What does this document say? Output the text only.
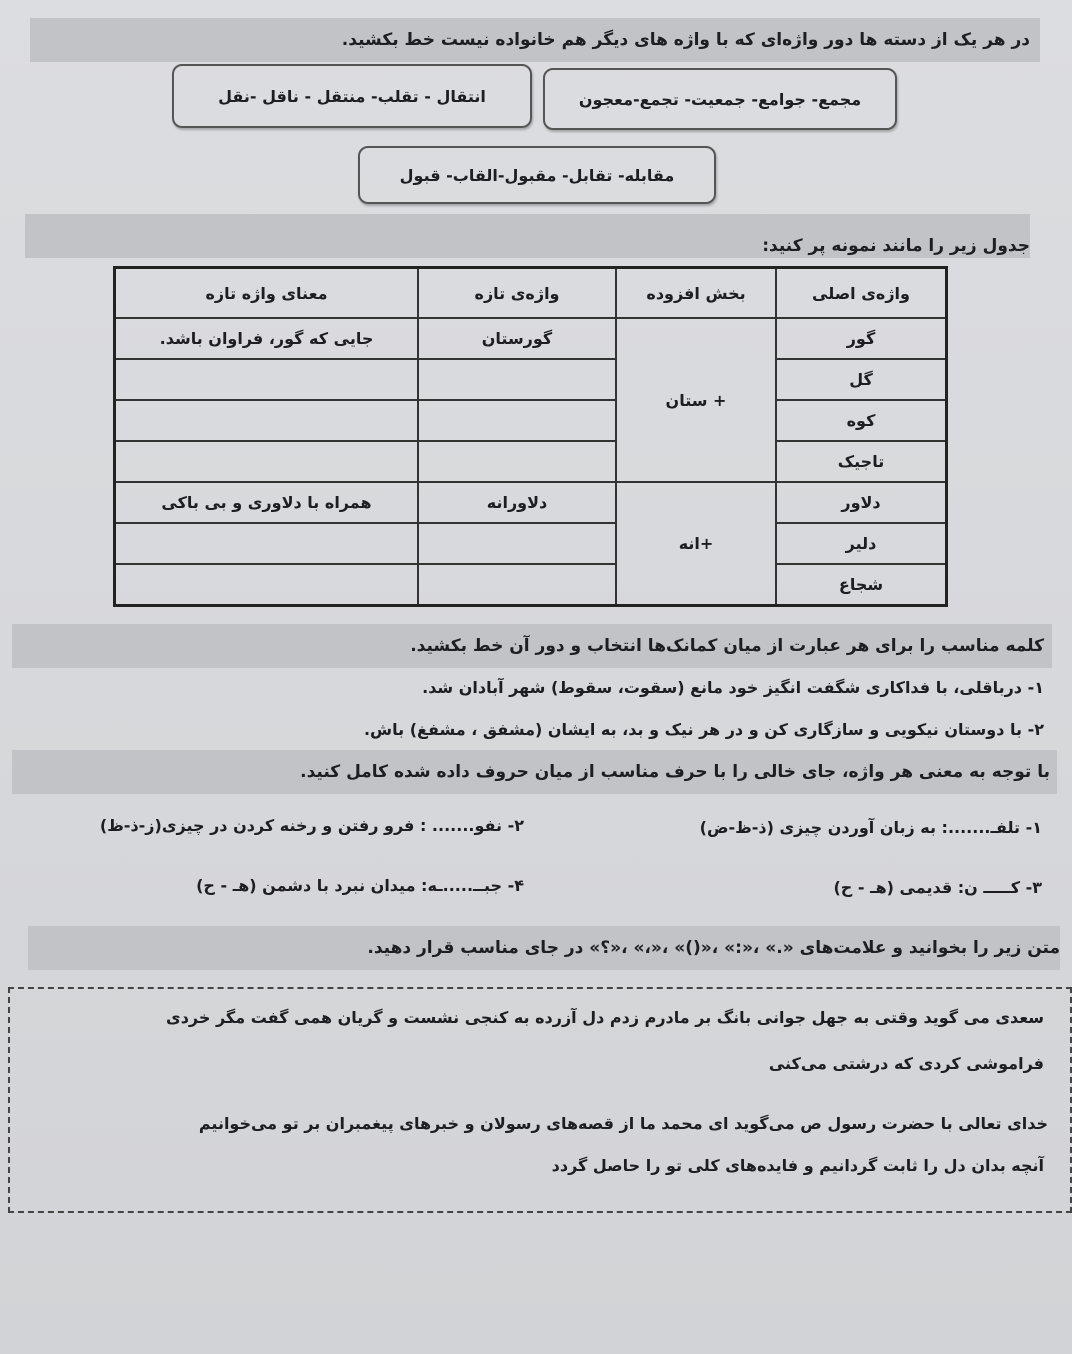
در هر یک از دسته ها دور واژه‌ای که با واژه های دیگر هم خانواده نیست خط بکشید.
مجمع- جوامع- جمعیت- تجمع-معجون
انتقال - تقلب- منتقل - ناقل -نقل
مقابله- تقابل- مقبول-القاب- قبول
جدول زیر را مانند نمونه پر کنید:
واژه‌ی اصلی	بخش افزوده	واژه‌ی تازه	معنای واژه تازه
گور	+ ستان	گورستان	جایی که گور، فراوان باشد.
گل			
کوه			
تاجیک			
دلاور	+انه	دلاورانه	همراه با دلاوری و بی باکی
دلیر			
شجاع			
کلمه مناسب را برای هر عبارت از میان کمانک‌ها انتخاب و دور آن خط بکشید.
۱- درباقلی، با فداکاری شگفت انگیز خود مانع (سقوت، سقوط) شهر آبادان شد.
۲- با دوستان نیکویی و سازگاری کن و در هر نیک و بد، به ایشان (مشفق ، مشفغ) باش.
با توجه به معنی هر واژه، جای خالی را با حرف مناسب از میان حروف داده شده کامل کنید.
۱- تلفـ.......: به زبان آوردن چیزی (ذ-ظ-ض)
۲- نفو....... : فرو رفتن و رخنه کردن در چیزی(ز-ذ-ظ)
۳- کـــــ ن: قدیمی (هـ - ح)
۴- جبــ.....ـه: میدان نبرد با دشمن (هـ - ح)
متن زیر را بخوانید و علامت‌های «.» ،«:» ،«()» ،«،» ،«؟» در جای مناسب قرار دهید.
سعدی می گوید وقتی به جهل جوانی بانگ بر مادرم زدم دل آزرده به کنجی نشست و گریان همی گفت مگر خردی
فراموشی کردی که درشتی می‌کنی
خدای تعالی با حضرت رسول ص می‌گوید ای محمد ما از قصه‌های رسولان و خبرهای پیغمبران بر تو می‌خوانیم
آنچه بدان دل را ثابت گردانیم و فایده‌های کلی تو را حاصل گردد
